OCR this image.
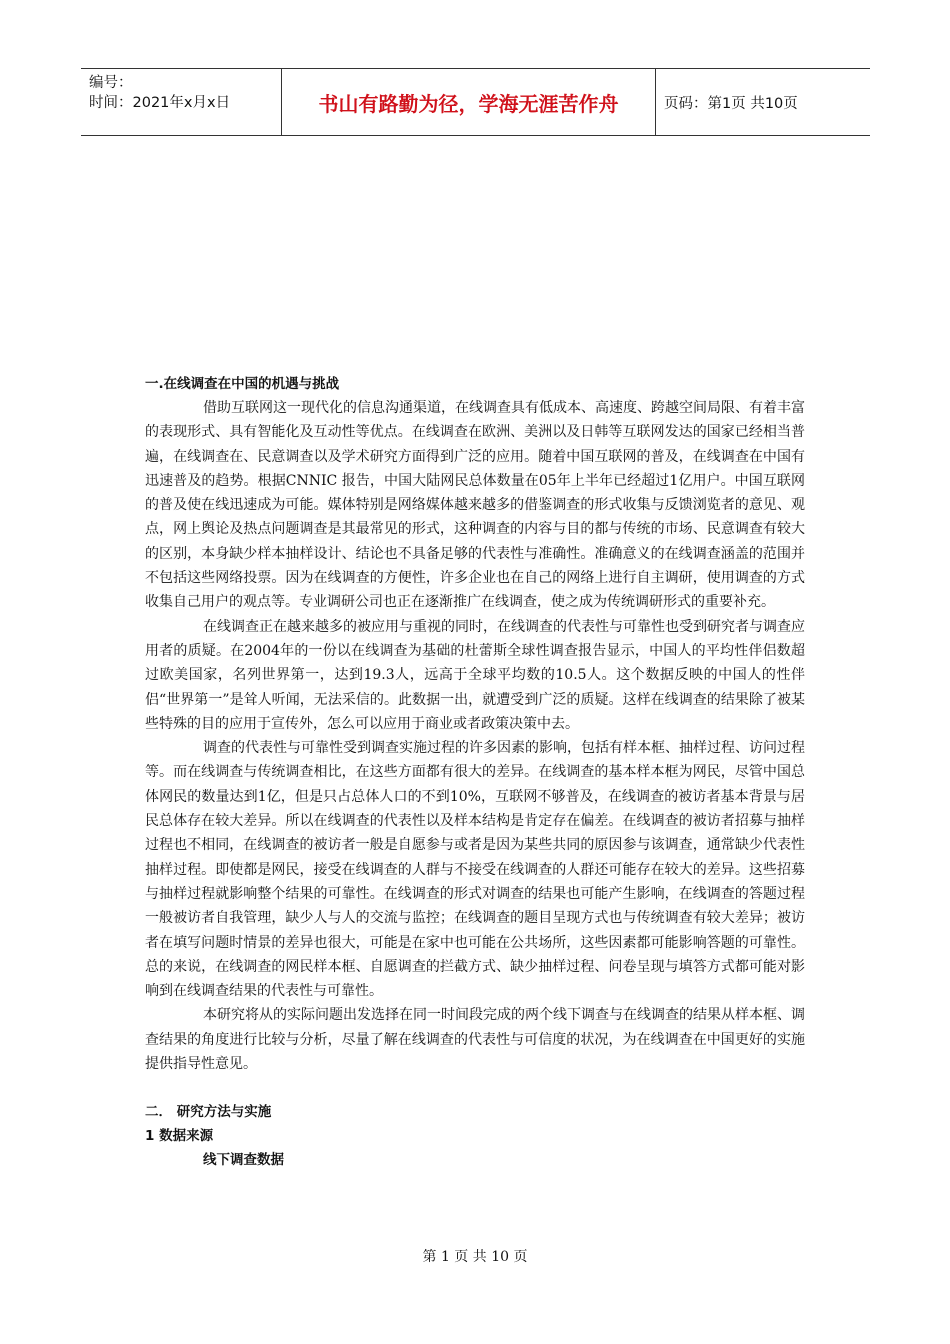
编号：
时间：2021年x月x日	书山有路勤为径，学海无涯苦作舟	页码：第1页 共10页
一.在线调查在中国的机遇与挑战

借助互联网这一现代化的信息沟通渠道，在线调查具有低成本、高速度、跨越空间局限、有着丰富的表现形式、具有智能化及互动性等优点。在线调查在欧洲、美洲以及日韩等互联网发达的国家已经相当普遍，在线调查在、民意调查以及学术研究方面得到广泛的应用。随着中国互联网的普及，在线调查在中国有迅速普及的趋势。根据CNNIC 报告，中国大陆网民总体数量在05年上半年已经超过1亿用户。中国互联网的普及使在线迅速成为可能。媒体特别是网络媒体越来越多的借鉴调查的形式收集与反馈浏览者的意见、观点，网上舆论及热点问题调查是其最常见的形式，这种调查的内容与目的都与传统的市场、民意调查有较大的区别，本身缺少样本抽样设计、结论也不具备足够的代表性与准确性。准确意义的在线调查涵盖的范围并不包括这些网络投票。因为在线调查的方便性，许多企业也在自己的网络上进行自主调研，使用调查的方式收集自己用户的观点等。专业调研公司也正在逐渐推广在线调查，使之成为传统调研形式的重要补充。

在线调查正在越来越多的被应用与重视的同时，在线调查的代表性与可靠性也受到研究者与调查应用者的质疑。在2004年的一份以在线调查为基础的杜蕾斯全球性调查报告显示，中国人的平均性伴侣数超过欧美国家，名列世界第一，达到19.3人，远高于全球平均数的10.5人。这个数据反映的中国人的性伴侣“世界第一”是耸人听闻，无法采信的。此数据一出，就遭受到广泛的质疑。这样在线调查的结果除了被某些特殊的目的应用于宣传外，怎么可以应用于商业或者政策决策中去。

调查的代表性与可靠性受到调查实施过程的许多因素的影响，包括有样本框、抽样过程、访问过程等。而在线调查与传统调查相比，在这些方面都有很大的差异。在线调查的基本样本框为网民，尽管中国总体网民的数量达到1亿，但是只占总体人口的不到10%，互联网不够普及，在线调查的被访者基本背景与居民总体存在较大差异。所以在线调查的代表性以及样本结构是肯定存在偏差。在线调查的被访者招募与抽样过程也不相同，在线调查的被访者一般是自愿参与或者是因为某些共同的原因参与该调查，通常缺少代表性抽样过程。即使都是网民，接受在线调查的人群与不接受在线调查的人群还可能存在较大的差异。这些招募与抽样过程就影响整个结果的可靠性。在线调查的形式对调查的结果也可能产生影响，在线调查的答题过程一般被访者自我管理，缺少人与人的交流与监控；在线调查的题目呈现方式也与传统调查有较大差异；被访者在填写问题时情景的差异也很大，可能是在家中也可能在公共场所，这些因素都可能影响答题的可靠性。总的来说，在线调查的网民样本框、自愿调查的拦截方式、缺少抽样过程、问卷呈现与填答方式都可能对影响到在线调查结果的代表性与可靠性。

本研究将从的实际问题出发选择在同一时间段完成的两个线下调查与在线调查的结果从样本框、调查结果的角度进行比较与分析，尽量了解在线调查的代表性与可信度的状况，为在线调查在中国更好的实施提供指导性意见。

二． 研究方法与实施
1 数据来源
线下调查数据
第 1 页 共 10 页
